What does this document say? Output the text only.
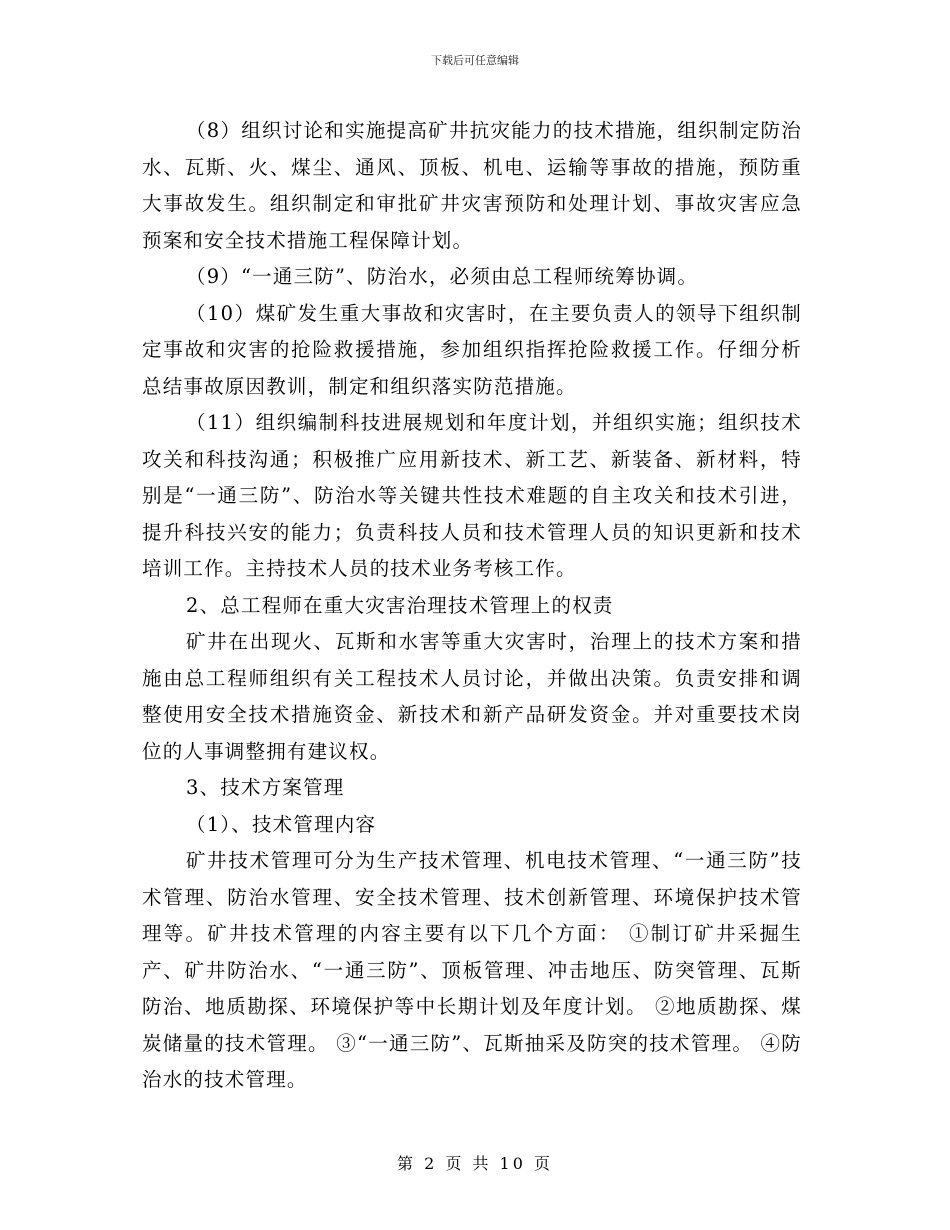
下载后可任意编辑

（8）组织讨论和实施提高矿井抗灾能力的技术措施，组织制定防治水、瓦斯、火、煤尘、通风、顶板、机电、运输等事故的措施，预防重大事故发生。组织制定和审批矿井灾害预防和处理计划、事故灾害应急预案和安全技术措施工程保障计划。

（9）“一通三防”、防治水，必须由总工程师统筹协调。

（10）煤矿发生重大事故和灾害时，在主要负责人的领导下组织制定事故和灾害的抢险救援措施，参加组织指挥抢险救援工作。仔细分析总结事故原因教训，制定和组织落实防范措施。

（11）组织编制科技进展规划和年度计划，并组织实施；组织技术攻关和科技沟通；积极推广应用新技术、新工艺、新装备、新材料，特别是“一通三防”、防治水等关键共性技术难题的自主攻关和技术引进，提升科技兴安的能力；负责科技人员和技术管理人员的知识更新和技术培训工作。主持技术人员的技术业务考核工作。

2、总工程师在重大灾害治理技术管理上的权责

矿井在出现火、瓦斯和水害等重大灾害时，治理上的技术方案和措施由总工程师组织有关工程技术人员讨论，并做出决策。负责安排和调整使用安全技术措施资金、新技术和新产品研发资金。并对重要技术岗位的人事调整拥有建议权。

3、技术方案管理

（1）、技术管理内容

矿井技术管理可分为生产技术管理、机电技术管理、“一通三防”技术管理、防治水管理、安全技术管理、技术创新管理、环境保护技术管理等。矿井技术管理的内容主要有以下几个方面： ①制订矿井采掘生产、矿井防治水、“一通三防”、顶板管理、冲击地压、防突管理、瓦斯防治、地质勘探、环境保护等中长期计划及年度计划。 ②地质勘探、煤炭储量的技术管理。 ③“一通三防”、瓦斯抽采及防突的技术管理。 ④防治水的技术管理。

第 2 页 共 10 页
